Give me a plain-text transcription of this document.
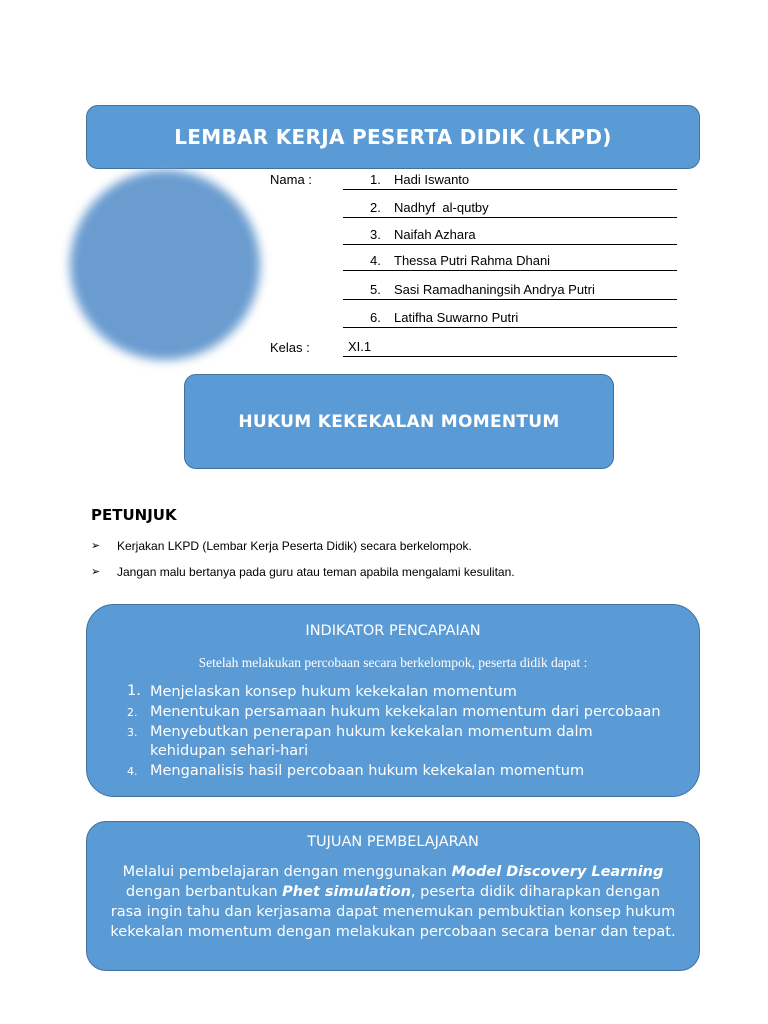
LEMBAR KERJA PESERTA DIDIK (LKPD)
Nama :	1. Hadi Iswanto
2. Nadhyf  al-qutby
3. Naifah Azhara
4. Thessa Putri Rahma Dhani
5. Sasi Ramadhaningsih Andrya Putri
6. Latifha Suwarno Putri
Kelas :	XI.1
HUKUM KEKEKALAN MOMENTUM
PETUNJUK
➢ Kerjakan LKPD (Lembar Kerja Peserta Didik) secara berkelompok.
➢ Jangan malu bertanya pada guru atau teman apabila mengalami kesulitan.
INDIKATOR PENCAPAIAN
Setelah melakukan percobaan secara berkelompok, peserta didik dapat :
1. Menjelaskan konsep hukum kekekalan momentum
2. Menentukan persamaan hukum kekekalan momentum dari percobaan
3. Menyebutkan penerapan hukum kekekalan momentum dalm kehidupan sehari-hari
4. Menganalisis hasil percobaan hukum kekekalan momentum
TUJUAN PEMBELAJARAN
Melalui pembelajaran dengan menggunakan Model Discovery Learning dengan berbantukan Phet simulation, peserta didik diharapkan dengan rasa ingin tahu dan kerjasama dapat menemukan pembuktian konsep hukum kekekalan momentum dengan melakukan percobaan secara benar dan tepat.
